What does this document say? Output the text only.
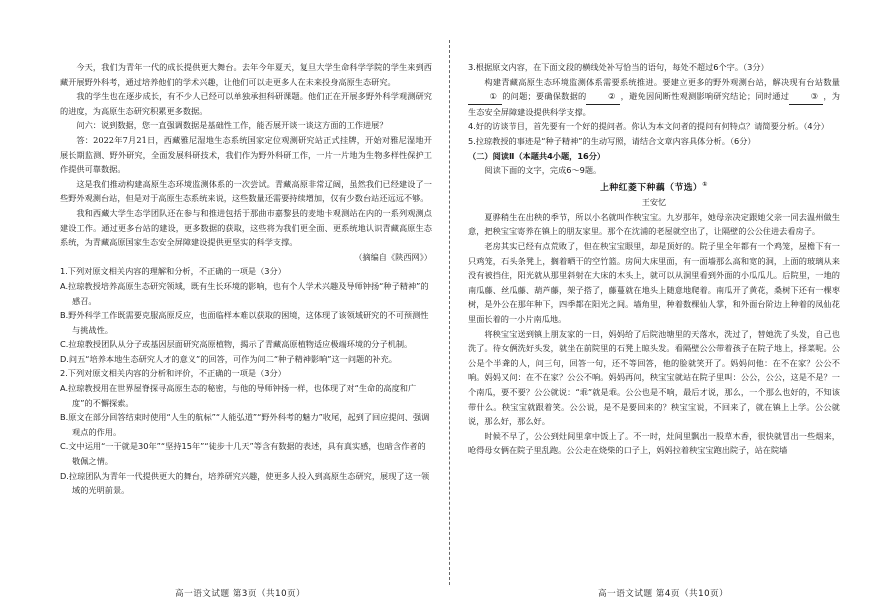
今天，我们为青年一代的成长提供更大舞台。去年今年夏天，复旦大学生命科学学院的学生来到西藏开展野外科考，通过培养他们的学术兴趣，让他们可以走更多人在未来投身高原生态研究。

我的学生也在逐步成长，有不少人已经可以单独承担科研课题。他们正在开展多野外科学观测研究的进度，为高原生态研究积累更多数据。

问六：说到数据，您一直强调数据是基础性工作，能否展开谈一谈这方面的工作进展？

答：2022年7月21日，西藏雅尼湿地生态系统国家定位观测研究站正式挂牌，开始对雅尼湿地开展长期监测、野外研究，全面发展科研技术，我们作为野外科研工作，一片一片地为生物多样性保护工作提供可靠数据。

这是我们推动构建高原生态环境监测体系的一次尝试。青藏高原非常辽阔，虽然我们已经建设了一些野外观测台站，但是对于高原生态系统来说，这些数量还需要持续增加，仅有少数台站还远远不够。

我和西藏大学生态学团队还在参与和推进包括于那曲市嘉黎县的麦地卡观测站在内的一系列观测点建设工作。通过更多台站的建设，更多数据的获取，这些将为我们更全面、更系统地认识青藏高原生态系统，为青藏高原国家生态安全屏障建设提供更坚实的科学支撑。

（摘编自《陕西网》）

1.下列对原文相关内容的理解和分析，不正确的一项是（3分）

A.拉琼教授培养高原生态研究领域，既有生长环境的影响，也有个人学术兴趣及导师钟扬“种子精神”的感召。

B.野外科学工作既需要克服高原反应，也面临样本难以获取的困境，这体现了该领域研究的不可预测性与挑战性。

C.拉琼教授团队从分子或基因层面研究高原植物，揭示了青藏高原植物适应极端环境的分子机制。

D.问五“培养本地生态研究人才的意义”的回答，可作为问二“种子精神影响”这一问题的补充。

2.下列对原文相关内容的分析和评价，不正确的一项是（3分）

A.拉琼教授用在世界屋脊探寻高原生态的秘密，与他的导师钟扬一样，也体现了对“生命的高度和广度”的不懈探索。

B.原文在部分回答结束时使用“人生的航标”“人能弘道”“野外科考的魅力”收尾，起到了回应提问、强调观点的作用。

C.文中运用“一干就是30年”“坚持15年”“徒步十几天”等含有数据的表述，具有真实感，也暗含作者的敬佩之情。

D.拉琼团队为青年一代提供更大的舞台，培养研究兴趣，使更多人投入到高原生态研究，展现了这一领域的光明前景。

3.根据原文内容，在下面文段的横线处补写恰当的语句，每处不超过6个字。（3分）

构建青藏高原生态环境监测体系需要系统推进。要建立更多的野外观测台站，解决现有台站数量① 的问题；要确保数据的	② ，避免因间断性观测影响研究结论；同时通过	③ ，为生态安全屏障建设提供科学支撑。

4.好的访谈节目，首先要有一个好的提问者。你认为本文问者的提问有何特点？请简要分析。（4分）

5.拉琼教授的事迹是“种子精神”的生动写照，请结合文章内容具体分析。（6分）

（二）阅读Ⅱ（本题共4小题，16分）

阅读下面的文字，完成6～9题。

上种红菱下种藕（节选）①

王安忆

夏骅稍生在出秧的季节，所以小名就叫作秧宝宝。九岁那年，她母亲决定跟她父亲一同去温州做生意，把秧宝宝寄养在镇上的朋友家里。那个在沈浦的老屋就空出了，让隔壁的公公住进去看房子。

老房其实已经有点荒败了，但在秧宝宝眼里，却是顶好的。院子里全年都有一个鸡笼，屋檐下有一只鸡笼，石头条凳上，搁着晒干的空竹篮。房间大床里面，有一面墙那么高和宽的洞，上面的玻璃从来没有被挡住，阳光就从那里斜射在大床的木头上，就可以从洞里看到外面的小瓜瓜儿。后院里，一地的南瓜藤、丝瓜藤、葫芦藤，架子搭了，藤蔓就在地头上随意地爬着。南瓜开了黄花，桑树下还有一棵枣树，是外公在那年种下，四季都在阳光之间。墙角里，种着数棵仙人掌，和外面台阶边上种着的凤仙花里面长着的一小片南瓜地。

将秧宝宝送到镇上朋友家的一日，妈妈给了后院池塘里的天落水，洗过了，替她洗了头发，自己也洗了。待女俩洗好头发，就坐在前院里的石凳上晾头发。看隔壁公公带着孩子在院子地上，择菜呢。公公是个半聋的人，问三句，回答一句，还不等回答，他的脸就笑开了。妈妈问他：在不在家？公公不响。妈妈又问：在不在家？公公不响。妈妈再问，秧宝宝就站在院子里叫：公公，公公，这是不是？一个南瓜，要不要？公公就说：“乖”就是乖。公公也是不响，最后才说，那么，一个那么也好的，不知该带什么。秧宝宝就跟着笑。公公说，是不是要回来的？秧宝宝说，不回来了，就在镇上上学。公公就说，那么好，那么好。

时候不早了，公公到灶间里拿中饭上了。不一时，灶间里飘出一股草木香，很快就冒出一些烟来，呛得母女俩在院子里乱跑。公公走在烧柴的口子上，妈妈拉着秧宝宝跑出院子，站在院墙

高一语文试题 第3页（共10页）	高一语文试题 第4页（共10页）
